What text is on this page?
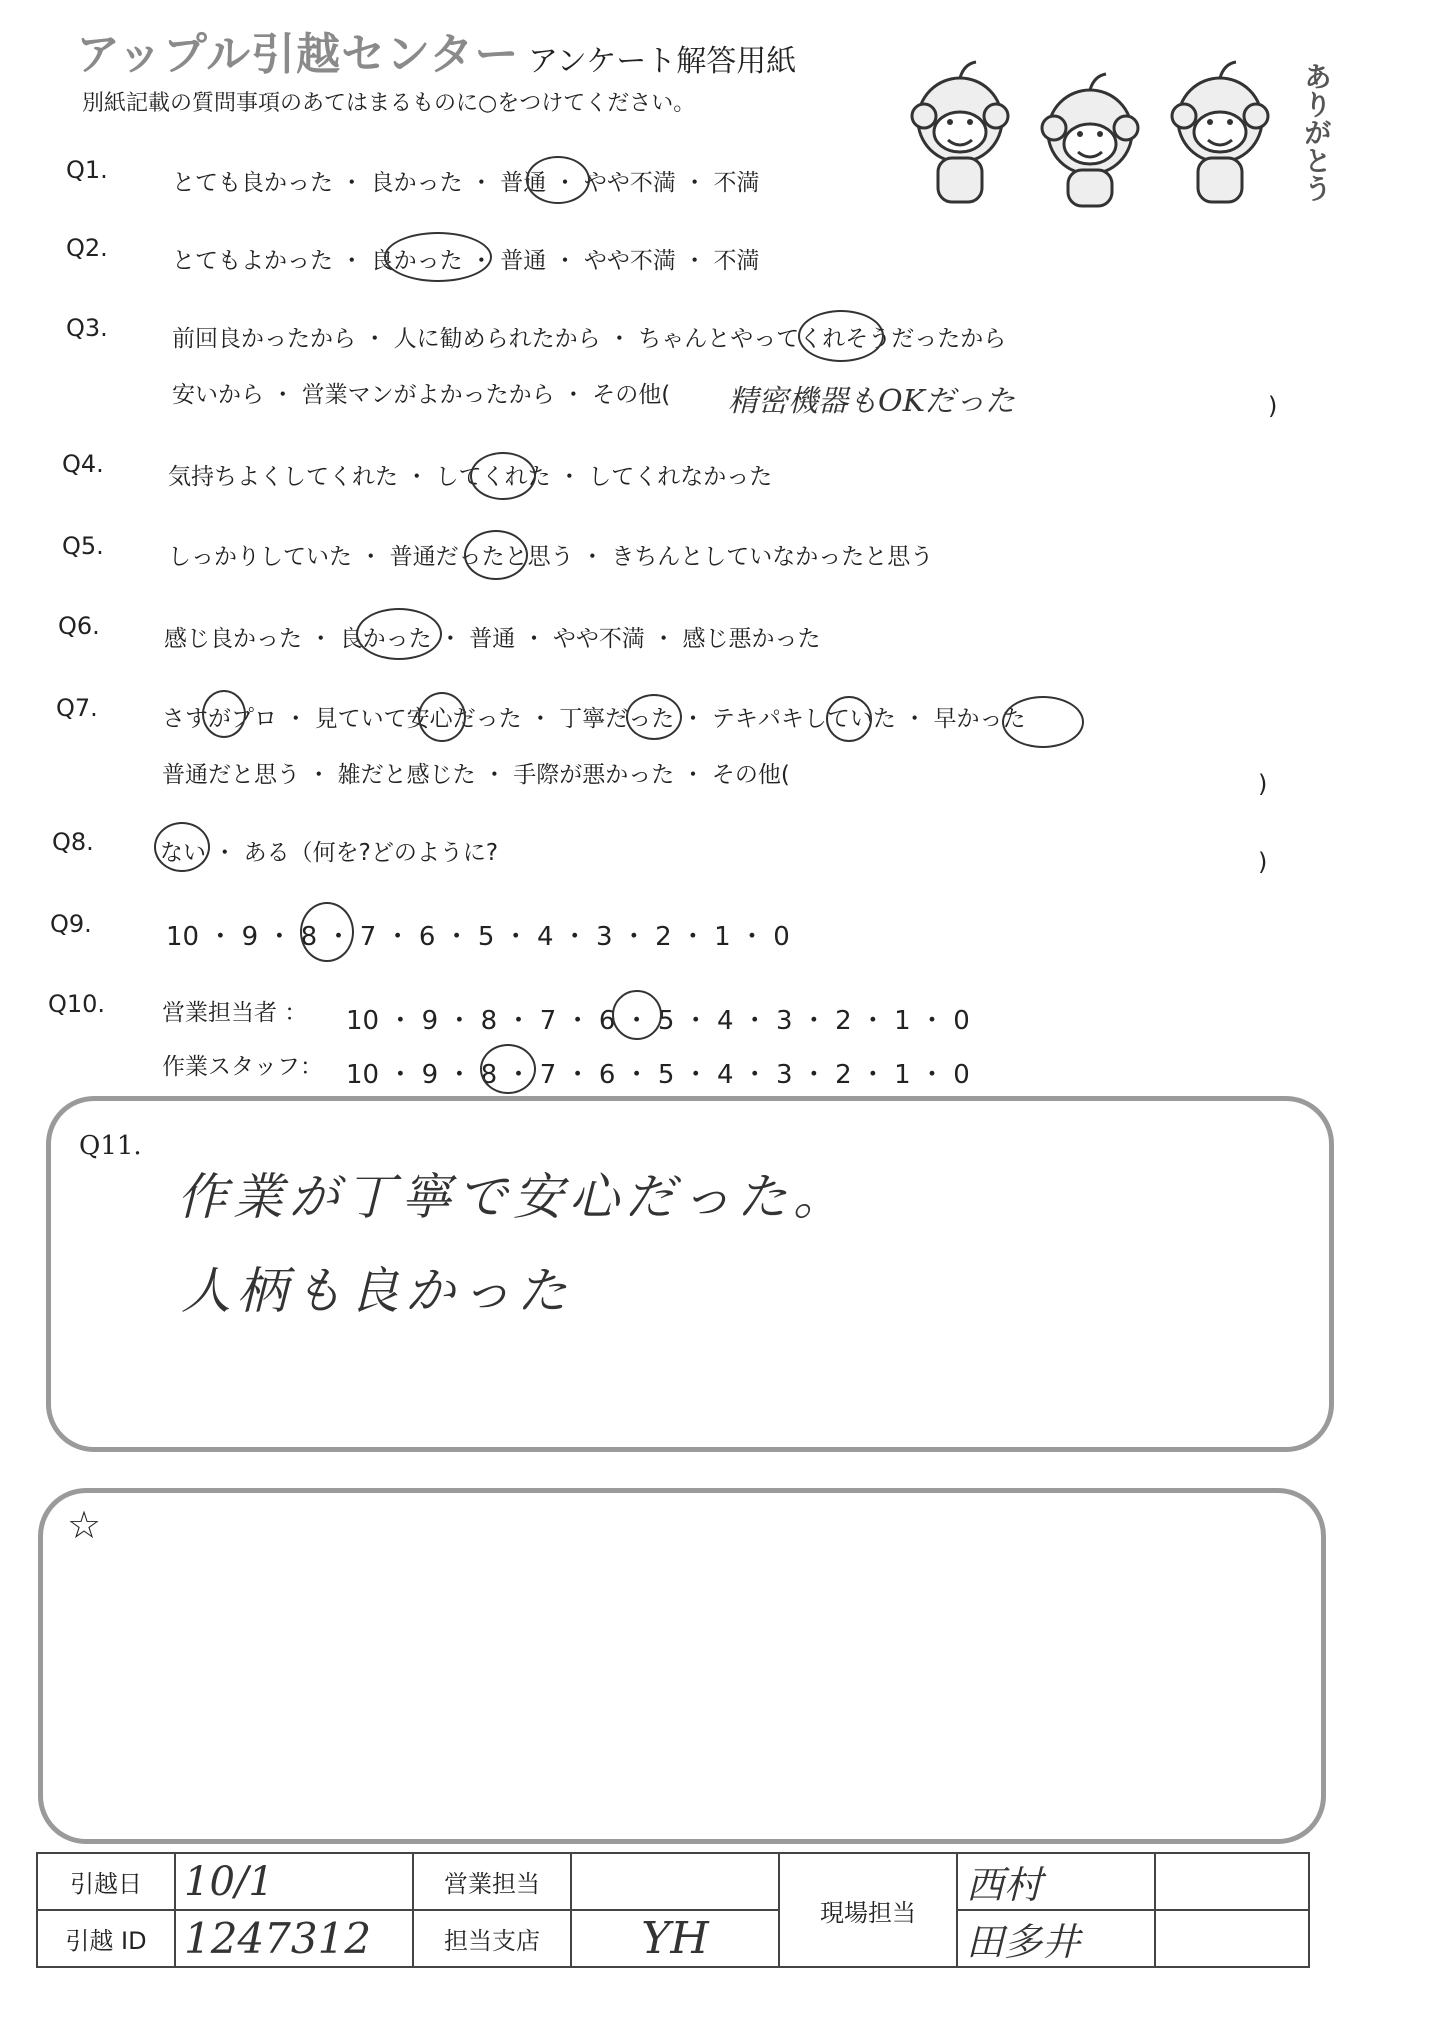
アップル引越センター アンケート解答用紙
別紙記載の質問事項のあてはまるものに○をつけてください。	ありがとう
Q1.	とても良かった ・ 良かった ・ 普通 ・ やや不満 ・ 不満
Q2.	とてもよかった ・ 良かった ・ 普通 ・ やや不満 ・ 不満
Q3.	前回良かったから ・ 人に勧められたから ・ ちゃんとやってくれそうだったから
安いから ・ 営業マンがよかったから ・ その他( 精密機器もOKだった	)
Q4.	気持ちよくしてくれた ・ してくれた ・ してくれなかった
Q5.	しっかりしていた ・ 普通だったと思う ・ きちんとしていなかったと思う
Q6.	感じ良かった ・ 良かった ・ 普通 ・ やや不満 ・ 感じ悪かった
Q7.	さすがプロ ・ 見ていて安心だった ・ 丁寧だった ・ テキパキしていた ・ 早かった
普通だと思う ・ 雑だと感じた ・ 手際が悪かった ・ その他(	)
Q8.	ない ・ ある（何を?どのように?	)
Q9.	10 ・ 9 ・ 8 ・ 7 ・ 6 ・ 5 ・ 4 ・ 3 ・ 2 ・ 1 ・ 0
Q10. 営業担当者 ： 10 ・ 9 ・ 8 ・ 7 ・ 6 ・ 5 ・ 4 ・ 3 ・ 2 ・ 1 ・ 0
作業スタッフ： 10 ・ 9 ・ 8 ・ 7 ・ 6 ・ 5 ・ 4 ・ 3 ・ 2 ・ 1 ・ 0
Q11.
作業が丁寧で安心だった。
人柄も良かった
☆
引越日	10/1	営業担当		現場担当	西村	
引越 ID	1247312	担当支店	YH		田多井	
